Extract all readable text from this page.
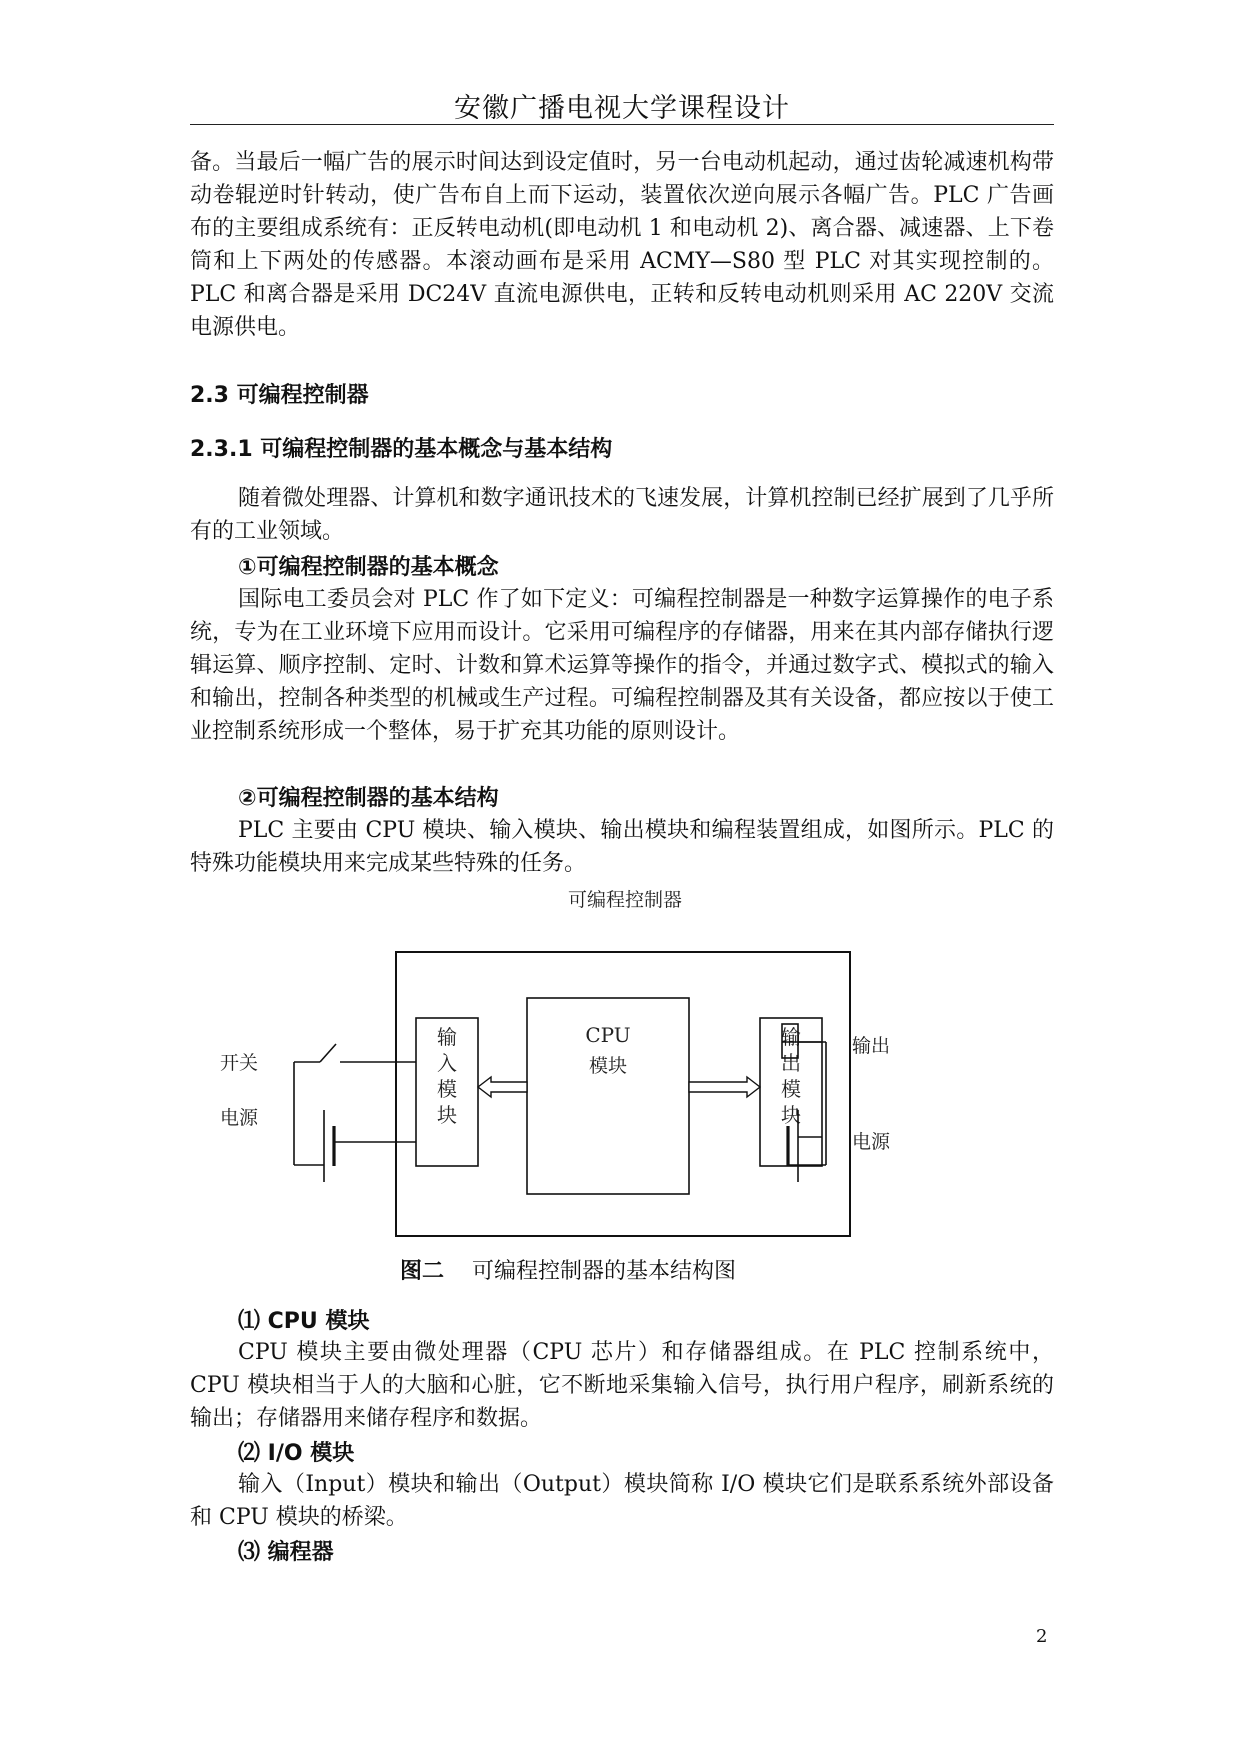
安徽广播电视大学课程设计

备。当最后一幅广告的展示时间达到设定值时，另一台电动机起动，通过齿轮减速机构带动卷辊逆时针转动，使广告布自上而下运动，装置依次逆向展示各幅广告。PLC 广告画布的主要组成系统有：正反转电动机(即电动机 1 和电动机 2)、离合器、减速器、上下卷筒和上下两处的传感器。本滚动画布是采用 ACMY—S80 型 PLC 对其实现控制的。PLC 和离合器是采用 DC24V 直流电源供电，正转和反转电动机则采用 AC 220V 交流电源供电。

2.3 可编程控制器
2.3.1 可编程控制器的基本概念与基本结构

随着微处理器、计算机和数字通讯技术的飞速发展，计算机控制已经扩展到了几乎所有的工业领域。

①可编程控制器的基本概念

国际电工委员会对 PLC 作了如下定义：可编程控制器是一种数字运算操作的电子系统，专为在工业环境下应用而设计。它采用可编程序的存储器，用来在其内部存储执行逻辑运算、顺序控制、定时、计数和算术运算等操作的指令，并通过数字式、模拟式的输入和输出，控制各种类型的机械或生产过程。可编程控制器及其有关设备，都应按以于使工业控制系统形成一个整体，易于扩充其功能的原则设计。

②可编程控制器的基本结构

PLC 主要由 CPU 模块、输入模块、输出模块和编程装置组成，如图所示。PLC 的特殊功能模块用来完成某些特殊的任务。

可编程控制器
输
入
模
块
CPU
模块
输
出
模
块
开关
电源
输出
电源
图二 可编程控制器的基本结构图
⑴ CPU 模块

CPU 模块主要由微处理器（CPU 芯片）和存储器组成。在 PLC 控制系统中，CPU 模块相当于人的大脑和心脏，它不断地采集输入信号，执行用户程序，刷新系统的输出；存储器用来储存程序和数据。

⑵ I/O 模块

输入（Input）模块和输出（Output）模块简称 I/O 模块它们是联系系统外部设备和 CPU 模块的桥梁。

⑶ 编程器
2
